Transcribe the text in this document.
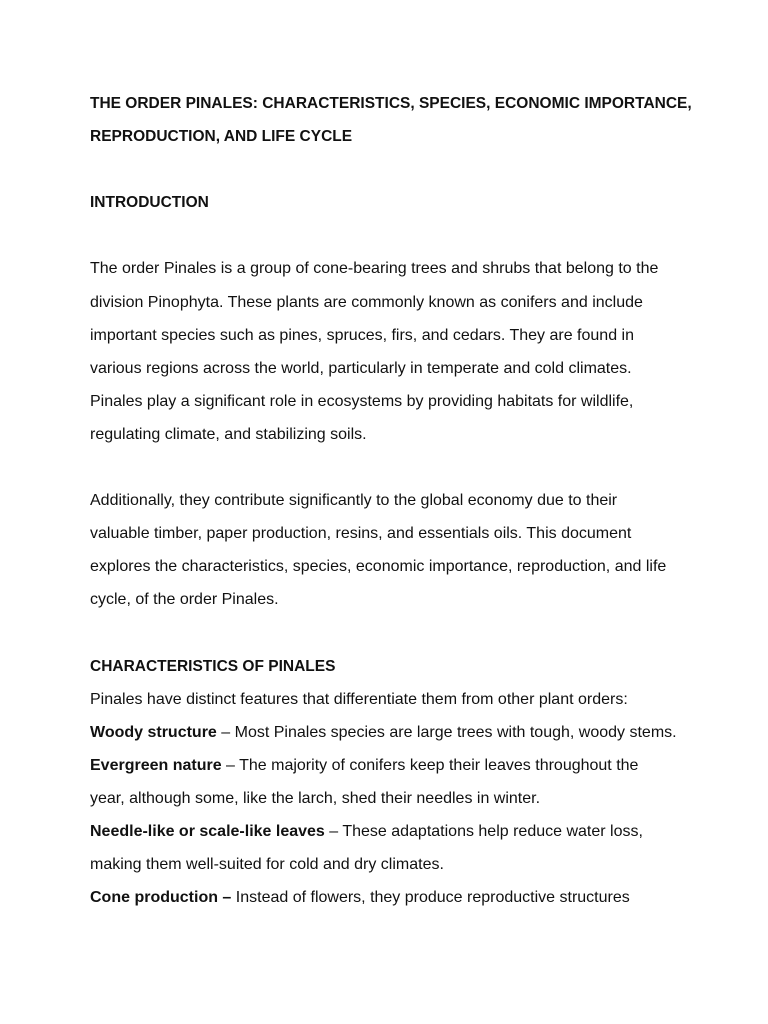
THE ORDER PINALES: CHARACTERISTICS, SPECIES, ECONOMIC IMPORTANCE,
REPRODUCTION, AND LIFE CYCLE
INTRODUCTION
The order Pinales is a group of cone-bearing trees and shrubs that belong to the
division Pinophyta. These plants are commonly known as conifers and include
important species such as pines, spruces, firs, and cedars. They are found in
various regions across the world, particularly in temperate and cold climates.
Pinales play a significant role in ecosystems by providing habitats for wildlife,
regulating climate, and stabilizing soils.
Additionally, they contribute significantly to the global economy due to their
valuable timber, paper production, resins, and essentials oils. This document
explores the characteristics, species, economic importance, reproduction, and life
cycle, of the order Pinales.
CHARACTERISTICS OF PINALES
Pinales have distinct features that differentiate them from other plant orders:
Woody structure – Most Pinales species are large trees with tough, woody stems.
Evergreen nature – The majority of conifers keep their leaves throughout the
year, although some, like the larch, shed their needles in winter.
Needle-like or scale-like leaves – These adaptations help reduce water loss,
making them well-suited for cold and dry climates.
Cone production – Instead of flowers, they produce reproductive structures
